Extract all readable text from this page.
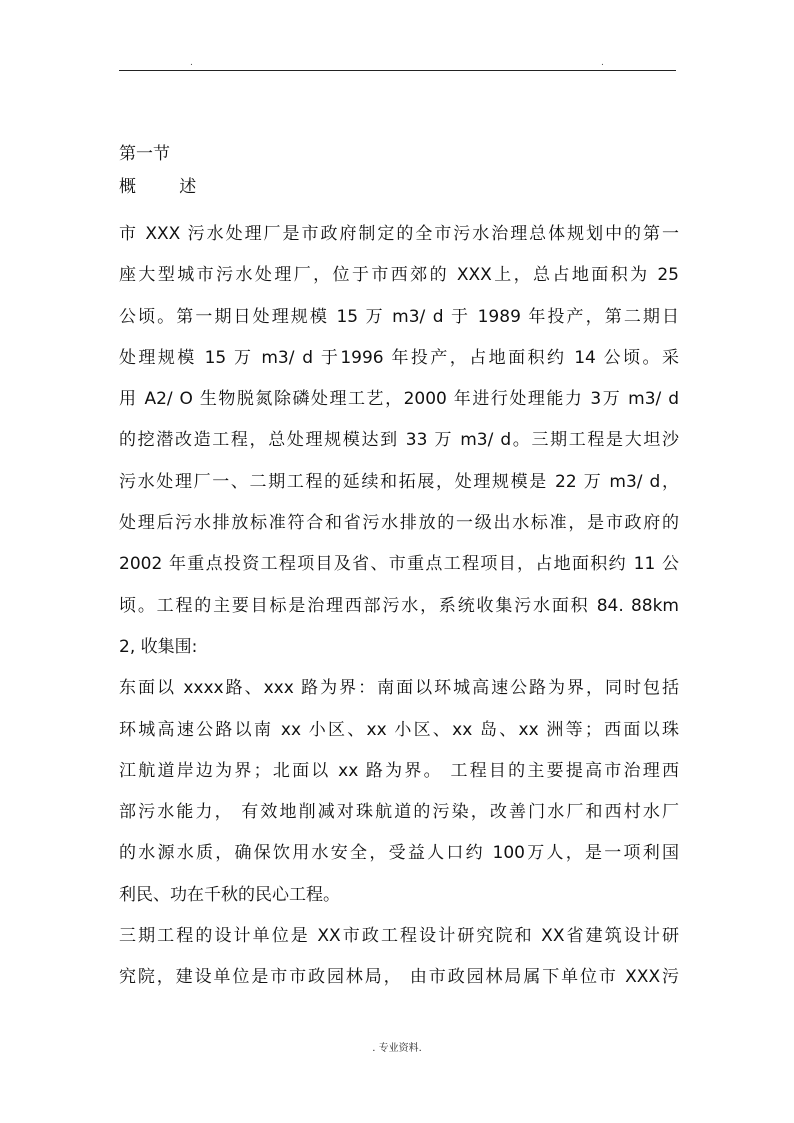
.	.
第一节
概        述
市 XXX 污水处理厂是市政府制定的全市污水治理总体规划中的第一
座大型城市污水处理厂，位于市西郊的 XXX上，总占地面积为 25
公顷。第一期日处理规模 15 万 m3/ d 于 1989 年投产，第二期日
处理规模 15 万 m3/ d 于1996 年投产，占地面积约 14 公顷。采
用 A2/ O 生物脱氮除磷处理工艺，2000 年进行处理能力 3万 m3/ d
的挖潜改造工程，总处理规模达到 33 万 m3/ d。三期工程是大坦沙
污水处理厂一、二期工程的延续和拓展，处理规模是 22 万 m3/ d，
处理后污水排放标准符合和省污水排放的一级出水标准，是市政府的
2002 年重点投资工程项目及省、市重点工程项目，占地面积约 11 公
顷。工程的主要目标是治理西部污水，系统收集污水面积 84. 88km
2, 收集围:
东面以 xxxx路、xxx 路为界：南面以环城高速公路为界，同时包括
环城高速公路以南 xx 小区、xx 小区、xx 岛、xx 洲等；西面以珠
江航道岸边为界；北面以 xx 路为界。 工程目的主要提高市治理西
部污水能力， 有效地削减对珠航道的污染，改善门水厂和西村水厂
的水源水质，确保饮用水安全，受益人口约 100万人，是一项利国
利民、功在千秋的民心工程。
三期工程的设计单位是 XX市政工程设计研究院和 XX省建筑设计研
究院，建设单位是市市政园林局， 由市政园林局属下单位市 XXX污
. 专业资料.
